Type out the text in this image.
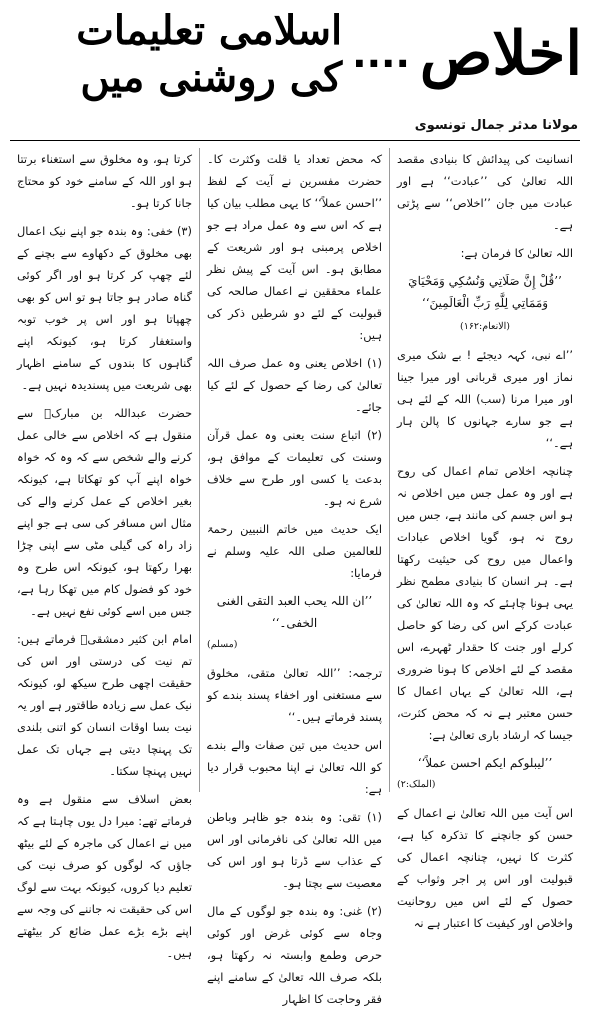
اخلاص
....
اسلامی تعلیمات کی روشنی میں
مولانا مدثر جمال تونسوی

انسانیت کی پیدائش کا بنیادی مقصد اللہ تعالیٰ کی ’’عبادت‘‘ ہے اور عبادت میں جان ’’اخلاص‘‘ سے پڑتی ہے۔

اللہ تعالیٰ کا فرمان ہے:

’’قُلْ إِنَّ صَلَاتِي وَنُسُكِي وَمَحْيَايَ
وَمَمَاتِي لِلَّهِ رَبِّ الْعَالَمِينَ‘‘ (الانعام:۱۶۲)

’’اے نبی، کہہ دیجئے ! بے شک میری نماز اور میری قربانی اور میرا جینا اور میرا مرنا (سب) اللہ کے لئے ہی ہے جو سارے جہانوں کا پالن ہار ہے۔‘‘

چنانچہ اخلاص تمام اعمال کی روح ہے اور وہ عمل جس میں اخلاص نہ ہو اس جسم کی مانند ہے، جس میں روح نہ ہو، گویا اخلاص عبادات واعمال میں روح کی حیثیت رکھتا ہے۔ ہر انسان کا بنیادی مطمح نظر یہی ہونا چاہئے کہ وہ اللہ تعالیٰ کی عبادت کرکے اس کی رضا کو حاصل کرلے اور جنت کا حقدار ٹھہرے، اس مقصد کے لئے اخلاص کا ہونا ضروری ہے، اللہ تعالیٰ کے یہاں اعمال کا حسن معتبر ہے نہ کہ محض کثرت، جیسا کہ ارشاد باری تعالیٰ ہے:

’’لیبلوکم ایکم احسن عملاً‘‘
(الملک:۲)

اس آیت میں اللہ تعالیٰ نے اعمال کے حسن کو جانچنے کا تذکرہ کیا ہے، کثرت کا نہیں، چنانچہ اعمال کی قبولیت اور اس پر اجر وثواب کے حصول کے لئے اس میں روحانیت واخلاص اور کیفیت کا اعتبار ہے نہ

کہ محض تعداد یا قلت وکثرت کا۔ حضرت مفسرین نے آیت کے لفظ ’’احسن عملاً‘‘ کا یہی مطلب بیان کیا ہے کہ اس سے وہ عمل مراد ہے جو اخلاص پرمبنی ہو اور شریعت کے مطابق ہو۔ اس آیت کے پیش نظر علماء محققین نے اعمال صالحہ کی قبولیت کے لئے دو شرطیں ذکر کی ہیں:

(۱) اخلاص یعنی وہ عمل صرف اللہ تعالیٰ کی رضا کے حصول کے لئے کیا جائے۔

(۲) اتباع سنت یعنی وہ عمل قرآن وسنت کی تعلیمات کے موافق ہو، بدعت یا کسی اور طرح سے خلاف شرع نہ ہو۔

ایک حدیث میں خاتم النبیین رحمۃ للعالمین صلی اللہ علیہ وسلم نے فرمایا:

’’ان اللہ یحب العبد التقی الغنی الخفی۔‘‘
(مسلم)

ترجمہ: ’’اللہ تعالیٰ متقی، مخلوق سے مستغنی اور اخفاء پسند بندے کو پسند فرماتے ہیں۔‘‘

اس حدیث میں تین صفات والے بندے کو اللہ تعالیٰ نے اپنا محبوب قرار دیا ہے:

(۱) تقی: وہ بندہ جو ظاہر وباطن میں اللہ تعالیٰ کی نافرمانی اور اس کے عذاب سے ڈرتا ہو اور اس کی معصیت سے بچتا ہو۔

(۲) غنی: وہ بندہ جو لوگوں کے مال وجاہ سے کوئی غرض اور کوئی حرص وطمع وابستہ نہ رکھتا ہو، بلکہ صرف اللہ تعالیٰ کے سامنے اپنے فقر وحاجت کا اظہار

کرتا ہو، وہ مخلوق سے استغناء برتتا ہو اور اللہ کے سامنے خود کو محتاج جانا کرتا ہو۔

(۳) خفی: وہ بندہ جو اپنے نیک اعمال بھی مخلوق کے دکھاوے سے بچنے کے لئے چھپ کر کرتا ہو اور اگر کوئی گناہ صادر ہو جاتا ہو تو اس کو بھی چھپاتا ہو اور اس پر خوب توبہ واستغفار کرتا ہو، کیونکہ اپنے گناہوں کا بندوں کے سامنے اظہار بھی شریعت میں پسندیدہ نہیں ہے۔

حضرت عبداللہ بن مبارکؒ سے منقول ہے کہ اخلاص سے خالی عمل کرنے والے شخص سے کہ وہ کہ خواہ خواہ اپنے آپ کو تھکاتا ہے، کیونکہ بغیر اخلاص کے عمل کرنے والے کی مثال اس مسافر کی سی ہے جو اپنے زاد راہ کی گیلی مٹی سے اپنی چڑا بھرا رکھتا ہو، کیونکہ اس طرح وہ خود کو فضول کام میں تھکا رہا ہے، جس میں اسے کوئی نفع نہیں ہے۔

امام ابن کثیر دمشقیؒ فرماتے ہیں: تم نیت کی درستی اور اس کی حقیقت اچھی طرح سیکھ لو، کیونکہ نیک عمل سے زیادہ طاقتور ہے اور یہ نیت بسا اوقات انسان کو اتنی بلندی تک پہنچا دیتی ہے جہاں تک عمل نہیں پہنچا سکتا۔

بعض اسلاف سے منقول ہے وہ فرماتے تھے: میرا دل یوں چاہتا ہے کہ میں نے اعمال کی ماجرہ کے لئے بیٹھ جاؤں کہ لوگوں کو صرف نیت کی تعلیم دیا کروں، کیونکہ بہت سے لوگ اس کی حقیقت نہ جاننے کی وجہ سے اپنے بڑے بڑے عمل ضائع کر بیٹھتے ہیں۔
